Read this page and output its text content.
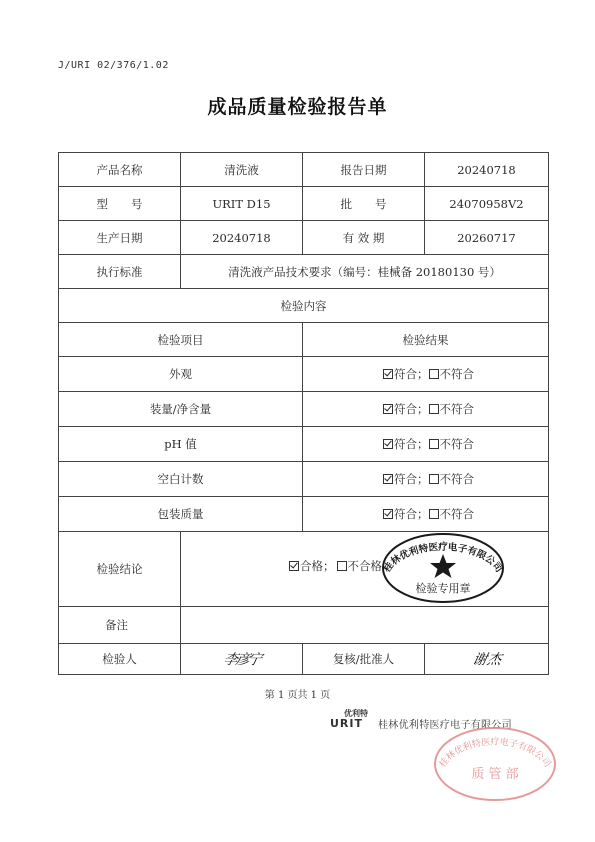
J/URI 02/376/1.02
成品质量检验报告单
产品名称	清洗液	报告日期	20240718
型　　号	URIT D15	批　　号	24070958V2
生产日期	20240718	有 效 期	20260717
执行标准	清洗液产品技术要求（编号：桂械备 20180130 号）		
检验内容			
检验项目		检验结果	
外观		符合； 不符合	
装量/净含量		符合； 不符合	
pH 值		符合； 不符合	
空白计数		符合； 不符合	
包装质量		符合； 不符合	
检验结论	合格； 不合格 桂林优利特医疗电子有限公司
检验专用章		

备注			
检验人	李彦宁	复核/批准人	谢 杰
第 1 页共 1 页
优利特
URIT	桂林优利特医疗电子有限公司
桂林优利特医疗电子有限公司
质 管 部
